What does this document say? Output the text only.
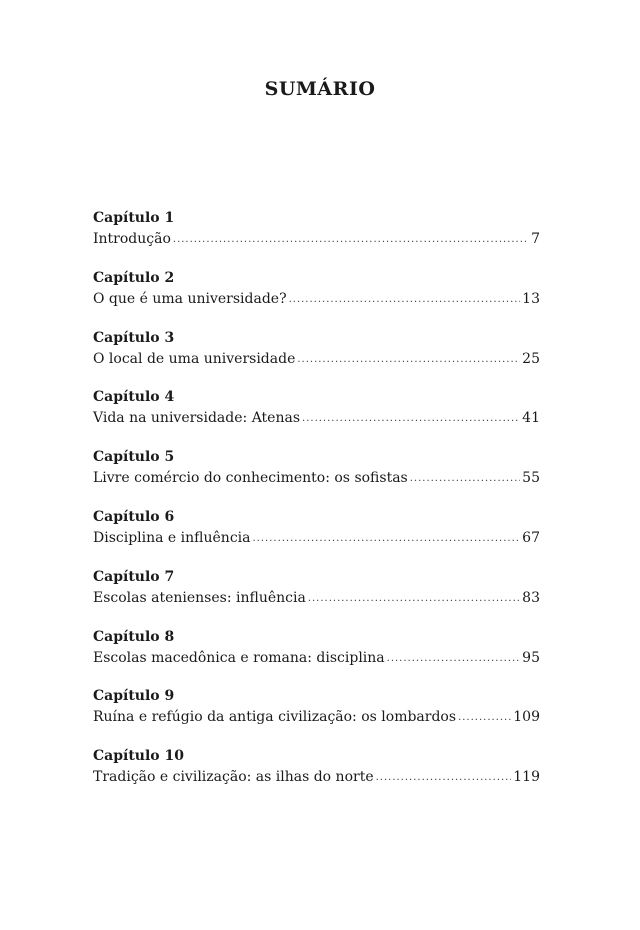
SUMÁRIO
Capítulo 1
Introdução .....	7
Capítulo 2
O que é uma universidade? .....	13
Capítulo 3
O local de uma universidade .....	25
Capítulo 4
Vida na universidade: Atenas .....	41
Capítulo 5
Livre comércio do conhecimento: os sofistas .....	55
Capítulo 6
Disciplina e influência .....	67
Capítulo 7
Escolas atenienses: influência .....	83
Capítulo 8
Escolas macedônica e romana: disciplina .....	95
Capítulo 9
Ruína e refúgio da antiga civilização: os lombardos .....	109
Capítulo 10
Tradição e civilização: as ilhas do norte .....	119
